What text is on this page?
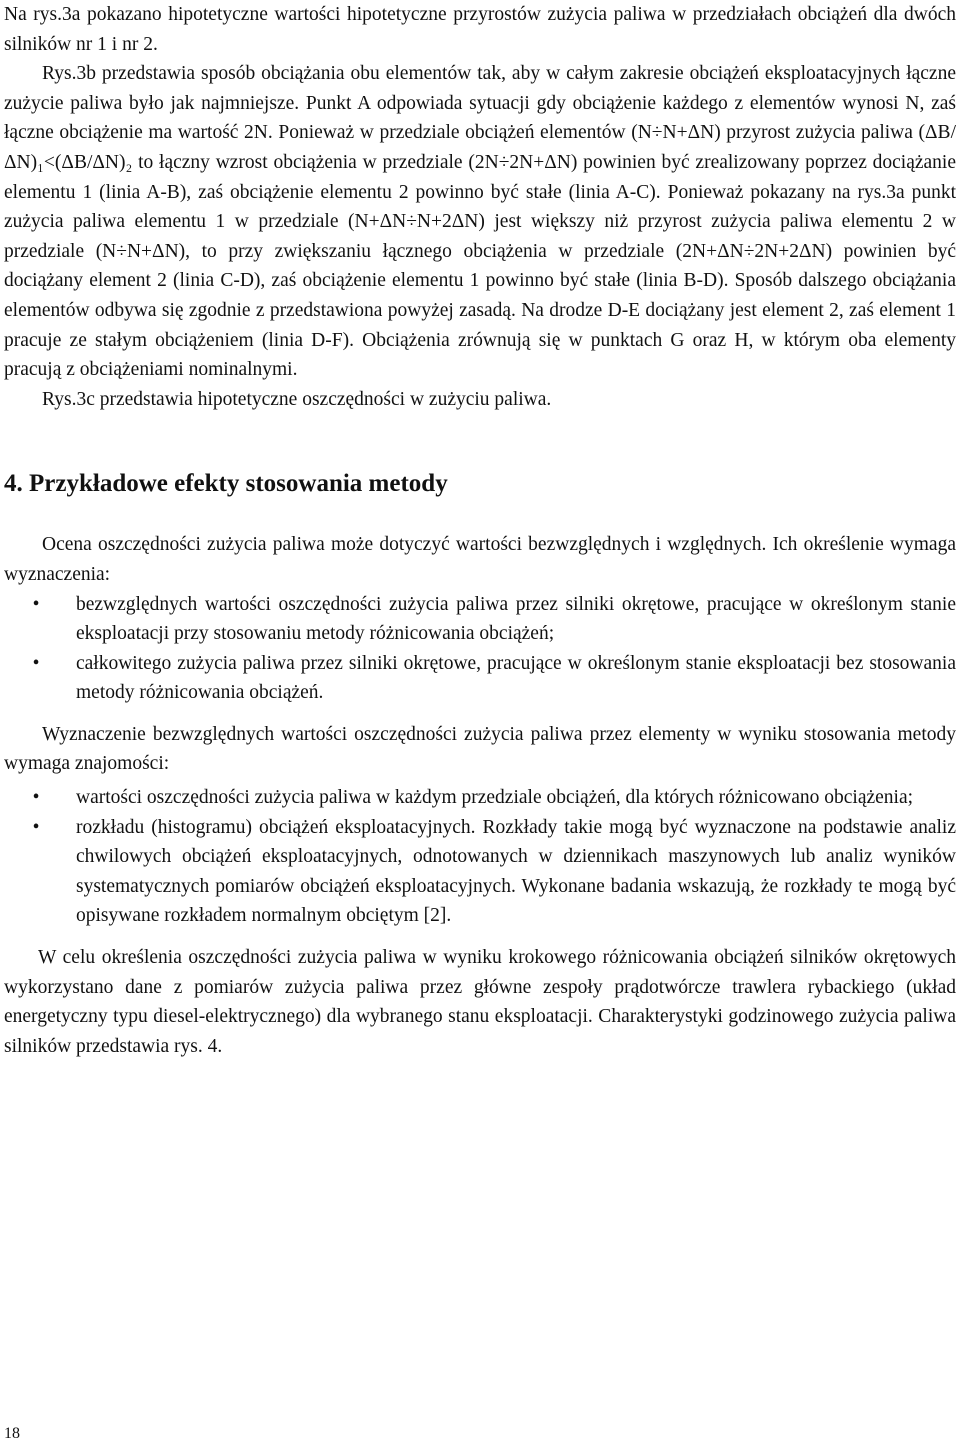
Na rys.3a pokazano hipotetyczne wartości hipotetyczne przyrostów zużycia paliwa w przedziałach obciążeń dla dwóch silników nr 1 i nr 2.

Rys.3b przedstawia sposób obciążania obu elementów tak, aby w całym zakresie obciążeń eksploatacyjnych łączne zużycie paliwa było jak najmniejsze. Punkt A odpowiada sytuacji gdy obciążenie każdego z elementów wynosi N, zaś łączne obciążenie ma wartość 2N. Ponieważ w przedziale obciążeń elementów (N÷N+ΔN) przyrost zużycia paliwa (ΔB/ΔN)₁<(ΔB/ΔN)₂ to łączny wzrost obciążenia w przedziale (2N÷2N+ΔN) powinien być zrealizowany poprzez dociążanie elementu 1 (linia A-B), zaś obciążenie elementu 2 powinno być stałe (linia A-C). Ponieważ pokazany na rys.3a punkt zużycia paliwa elementu 1 w przedziale (N+ΔN÷N+2ΔN) jest większy niż przyrost zużycia paliwa elementu 2 w przedziale (N÷N+ΔN), to przy zwiększaniu łącznego obciążenia w przedziale (2N+ΔN÷2N+2ΔN) powinien być dociążany element 2 (linia C-D), zaś obciążenie elementu 1 powinno być stałe (linia B-D). Sposób dalszego obciążania elementów odbywa się zgodnie z przedstawiona powyżej zasadą. Na drodze D-E dociążany jest element 2, zaś element 1 pracuje ze stałym obciążeniem (linia D-F). Obciążenia zrównują się w punktach G oraz H, w którym oba elementy pracują z obciążeniami nominalnymi.

Rys.3c przedstawia hipotetyczne oszczędności w zużyciu paliwa.

4. Przykładowe efekty stosowania metody

Ocena oszczędności zużycia paliwa może dotyczyć wartości bezwzględnych i względnych. Ich określenie wymaga wyznaczenia:

•	bezwzględnych wartości oszczędności zużycia paliwa przez silniki okrętowe, pracujące w określonym stanie eksploatacji przy stosowaniu metody różnicowania obciążeń;
•	całkowitego zużycia paliwa przez silniki okrętowe, pracujące w określonym stanie eksploatacji bez stosowania metody różnicowania obciążeń.

Wyznaczenie bezwzględnych wartości oszczędności zużycia paliwa przez elementy w wyniku stosowania metody wymaga znajomości:

•	wartości oszczędności zużycia paliwa w każdym przedziale obciążeń, dla których różnicowano obciążenia;
•	rozkładu (histogramu) obciążeń eksploatacyjnych. Rozkłady takie mogą być wyznaczone na podstawie analiz chwilowych obciążeń eksploatacyjnych, odnotowanych w dziennikach maszynowych lub analiz wyników systematycznych pomiarów obciążeń eksploatacyjnych. Wykonane badania wskazują, że rozkłady te mogą być opisywane rozkładem normalnym obciętym [2].

W celu określenia oszczędności zużycia paliwa w wyniku krokowego różnicowania obciążeń silników okrętowych wykorzystano dane z pomiarów zużycia paliwa przez główne zespoły prądotwórcze trawlera rybackiego (układ energetyczny typu diesel-elektrycznego) dla wybranego stanu eksploatacji. Charakterystyki godzinowego zużycia paliwa silników przedstawia rys. 4.

18
